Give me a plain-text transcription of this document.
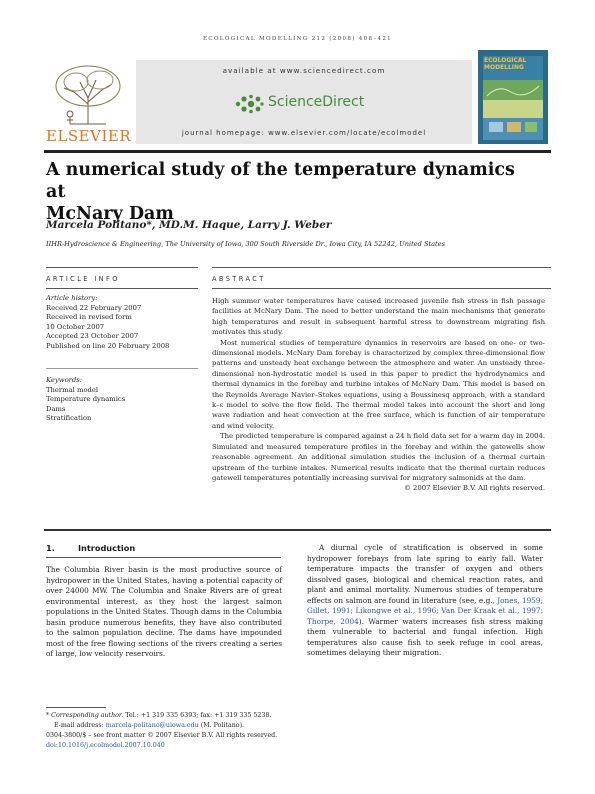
ECOLOGICAL MODELLING 212 (2008) 408–421
ELSEVIER
available at www.sciencedirect.com
ScienceDirect
journal homepage: www.elsevier.com/locate/ecolmodel
ECOLOGICAL MODELLING
A numerical study of the temperature dynamics at
McNary Dam
Marcela Politano*, MD.M. Haque, Larry J. Weber
IIHR-Hydroscience & Engineering, The University of Iowa, 300 South Riverside Dr., Iowa City, IA 52242, United States
ARTICLE INFO	ABSTRACT
Article history:
Received 22 February 2007
Received in revised form
10 October 2007
Accepted 23 October 2007
Published on line 20 February 2008
Keywords:
Thermal model
Temperature dynamics
Dams
Stratification

High summer water temperatures have caused increased juvenile fish stress in fish passage facilities at McNary Dam. The need to better understand the main mechanisms that generate high temperatures and result in subsequent harmful stress to downstream migrating fish motivates this study.

Most numerical studies of temperature dynamics in reservoirs are based on one- or two-dimensional models. McNary Dam forebay is characterized by complex three-dimensional flow patterns and unsteady heat exchange between the atmosphere and water. An unsteady three-dimensional non-hydrostatic model is used in this paper to predict the hydrodynamics and thermal dynamics in the forebay and turbine intakes of McNary Dam. This model is based on the Reynolds Average Navier–Stokes equations, using a Boussinesq approach, with a standard k–ε model to solve the flow field. The thermal model takes into account the short and long wave radiation and heat convection at the free surface, which is function of air temperature and wind velocity.

The predicted temperature is compared against a 24 h field data set for a warm day in 2004. Simulated and measured temperature profiles in the forebay and within the gatewells show reasonable agreement. An additional simulation studies the inclusion of a thermal curtain upstream of the turbine intakes. Numerical results indicate that the thermal curtain reduces gatewell temperatures potentially increasing survival for migratory salmonids at the dam.

© 2007 Elsevier B.V. All rights reserved.
1.	Introduction

The Columbia River basin is the most productive source of hydropower in the United States, having a potential capacity of over 24000 MW. The Columbia and Snake Rivers are of great environmental interest, as they host the largest salmon populations in the United States. Though dams in the Columbia basin produce numerous benefits, they have also contributed to the salmon population decline. The dams have impounded most of the free flowing sections of the rivers creating a series of large, low velocity reservoirs.

A diurnal cycle of stratification is observed in some hydropower forebays from late spring to early fall. Water temperature impacts the transfer of oxygen and others dissolved gases, biological and chemical reaction rates, and plant and animal mortality. Numerous studies of temperature effects on salmon are found in literature (see, e.g., Jones, 1959; Gillet, 1991; Likongwe et al., 1996; Van Der Kraak et al., 1997; Thorpe, 2004). Warmer waters increases fish stress making them vulnerable to bacterial and fungal infection. High temperatures also cause fish to seek refuge in cool areas, sometimes delaying their migration.

* Corresponding author. Tel.: +1 319 335 6393; fax: +1 319 335 5238.
E-mail address: marcela-politano@uiowa.edu (M. Politano).
0304-3800/$ – see front matter © 2007 Elsevier B.V. All rights reserved.
doi:10.1016/j.ecolmodel.2007.10.040
